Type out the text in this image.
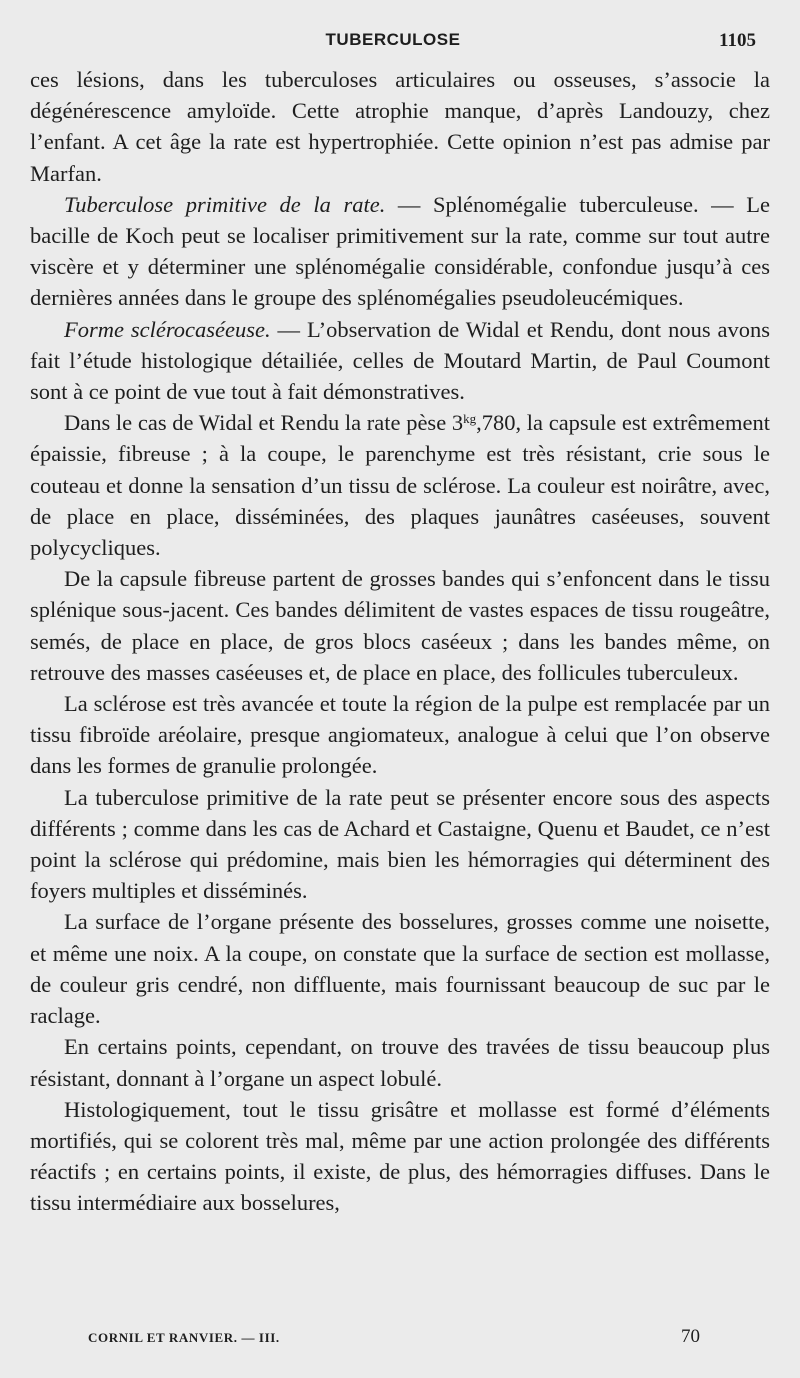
TUBERCULOSE	1105

ces lésions, dans les tuberculoses articulaires ou osseuses, s’associe la dégénérescence amyloïde. Cette atrophie manque, d’après Landouzy, chez l’enfant. A cet âge la rate est hypertrophiée. Cette opinion n’est pas admise par Marfan.

Tuberculose primitive de la rate. — Splénomégalie tuberculeuse. — Le bacille de Koch peut se localiser primitivement sur la rate, comme sur tout autre viscère et y déterminer une splénomégalie considérable, confondue jusqu’à ces dernières années dans le groupe des splénomégalies pseudoleucémiques.

Forme sclérocaséeuse. — L’observation de Widal et Rendu, dont nous avons fait l’étude histologique détailiée, celles de Moutard Martin, de Paul Coumont sont à ce point de vue tout à fait démonstratives.

Dans le cas de Widal et Rendu la rate pèse $3^{kg},780$, la capsule est extrêmement épaissie, fibreuse ; à la coupe, le parenchyme est très résistant, crie sous le couteau et donne la sensation d’un tissu de sclérose. La couleur est noirâtre, avec, de place en place, disséminées, des plaques jaunâtres caséeuses, souvent polycycliques.

De la capsule fibreuse partent de grosses bandes qui s’enfoncent dans le tissu splénique sous-jacent. Ces bandes délimitent de vastes espaces de tissu rougeâtre, semés, de place en place, de gros blocs caséeux ; dans les bandes même, on retrouve des masses caséeuses et, de place en place, des follicules tuberculeux.

La sclérose est très avancée et toute la région de la pulpe est remplacée par un tissu fibroïde aréolaire, presque angiomateux, analogue à celui que l’on observe dans les formes de granulie prolongée.

La tuberculose primitive de la rate peut se présenter encore sous des aspects différents ; comme dans les cas de Achard et Castaigne, Quenu et Baudet, ce n’est point la sclérose qui prédomine, mais bien les hémorragies qui déterminent des foyers multiples et disséminés.

La surface de l’organe présente des bosselures, grosses comme une noisette, et même une noix. A la coupe, on constate que la surface de section est mollasse, de couleur gris cendré, non diffluente, mais fournissant beaucoup de suc par le raclage.

En certains points, cependant, on trouve des travées de tissu beaucoup plus résistant, donnant à l’organe un aspect lobulé.

Histologiquement, tout le tissu grisâtre et mollasse est formé d’éléments mortifiés, qui se colorent très mal, même par une action prolongée des différents réactifs ; en certains points, il existe, de plus, des hémorragies diffuses. Dans le tissu intermédiaire aux bosselures,

CORNIL ET RANVIER. — III.	70
